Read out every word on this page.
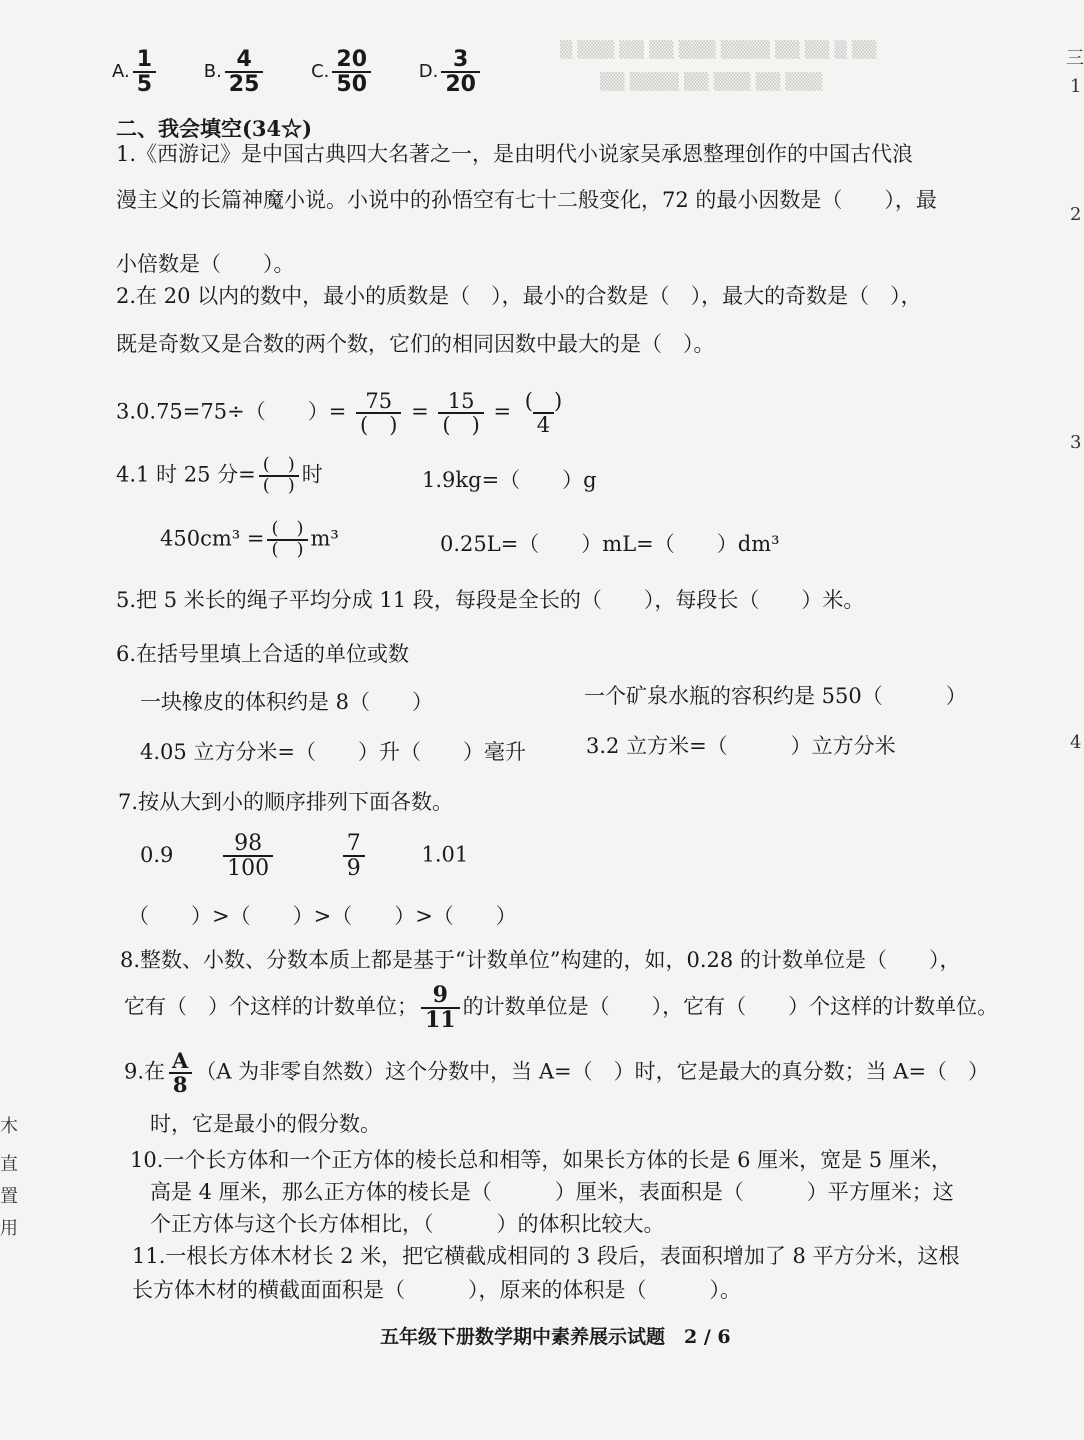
▒ ▒▒▒ ▒▒ ▒▒ ▒▒▒ ▒▒▒▒ ▒▒ ▒▒ ▒ ▒▒
▒▒ ▒▒▒▒ ▒▒ ▒▒▒ ▒▒ ▒▒▒
三
1
2
3
4
木
直
置
用
A. $\frac{1}{5}$
	B. $\frac{4}{25}$
	C. $\frac{20}{50}$
	D. $\frac{3}{20}$
二、我会填空(34☆)
1.《西游记》是中国古典四大名著之一，是由明代小说家吴承恩整理创作的中国古代浪
漫主义的长篇神魔小说。小说中的孙悟空有七十二般变化，72 的最小因数是（　　），最
小倍数是（　　）。
2.在 20 以内的数中，最小的质数是（　），最小的合数是（　），最大的奇数是（　），
既是奇数又是合数的两个数，它们的相同因数中最大的是（　）。
3.0.75=75÷（　　）= $\frac{75}{( )} = \frac{15}{( )} = \frac{( )}{4}$
4.1 时 25 分= $\frac{( )}{( )}$ 时	1.9kg=（　　）g
$450cm^3 = \frac{( )}{( )} m^3$	0.25L=（　　）mL=（　　）dm³
5.把 5 米长的绳子平均分成 11 段，每段是全长的（　　），每段长（　　）米。
6.在括号里填上合适的单位或数
一块橡皮的体积约是 8（　　）	一个矿泉水瓶的容积约是 550（　　　）
4.05 立方分米=（　　）升（　　）毫升	3.2 立方米=（　　　）立方分米
7.按从大到小的顺序排列下面各数。
$0.9 \frac{98}{100}$
	$\frac{7}{9}$	1.01
（　　）>（　　）>（　　）>（　　）
8.整数、小数、分数本质上都是基于“计数单位”构建的，如，0.28 的计数单位是（　　），
它有（　）个这样的计数单位； $\frac{9}{11}$ 的计数单位是（　　），它有（　　）个这样的计数单位。
9.在 $\frac{A}{8} (A$ 为非零自然数）这个分数中，当 A=（　）时，它是最大的真分数；当 A=（　）
时，它是最小的假分数。
10.一个长方体和一个正方体的棱长总和相等，如果长方体的长是 6 厘米，宽是 5 厘米，
高是 4 厘米，那么正方体的棱长是（　　　）厘米，表面积是（　　　）平方厘米；这
个正方体与这个长方体相比，（　　　）的体积比较大。
11.一根长方体木材长 2 米，把它横截成相同的 3 段后，表面积增加了 8 平方分米，这根
长方体木材的横截面面积是（　　　），原来的体积是（　　　）。
五年级下册数学期中素养展示试题　2 / 6
